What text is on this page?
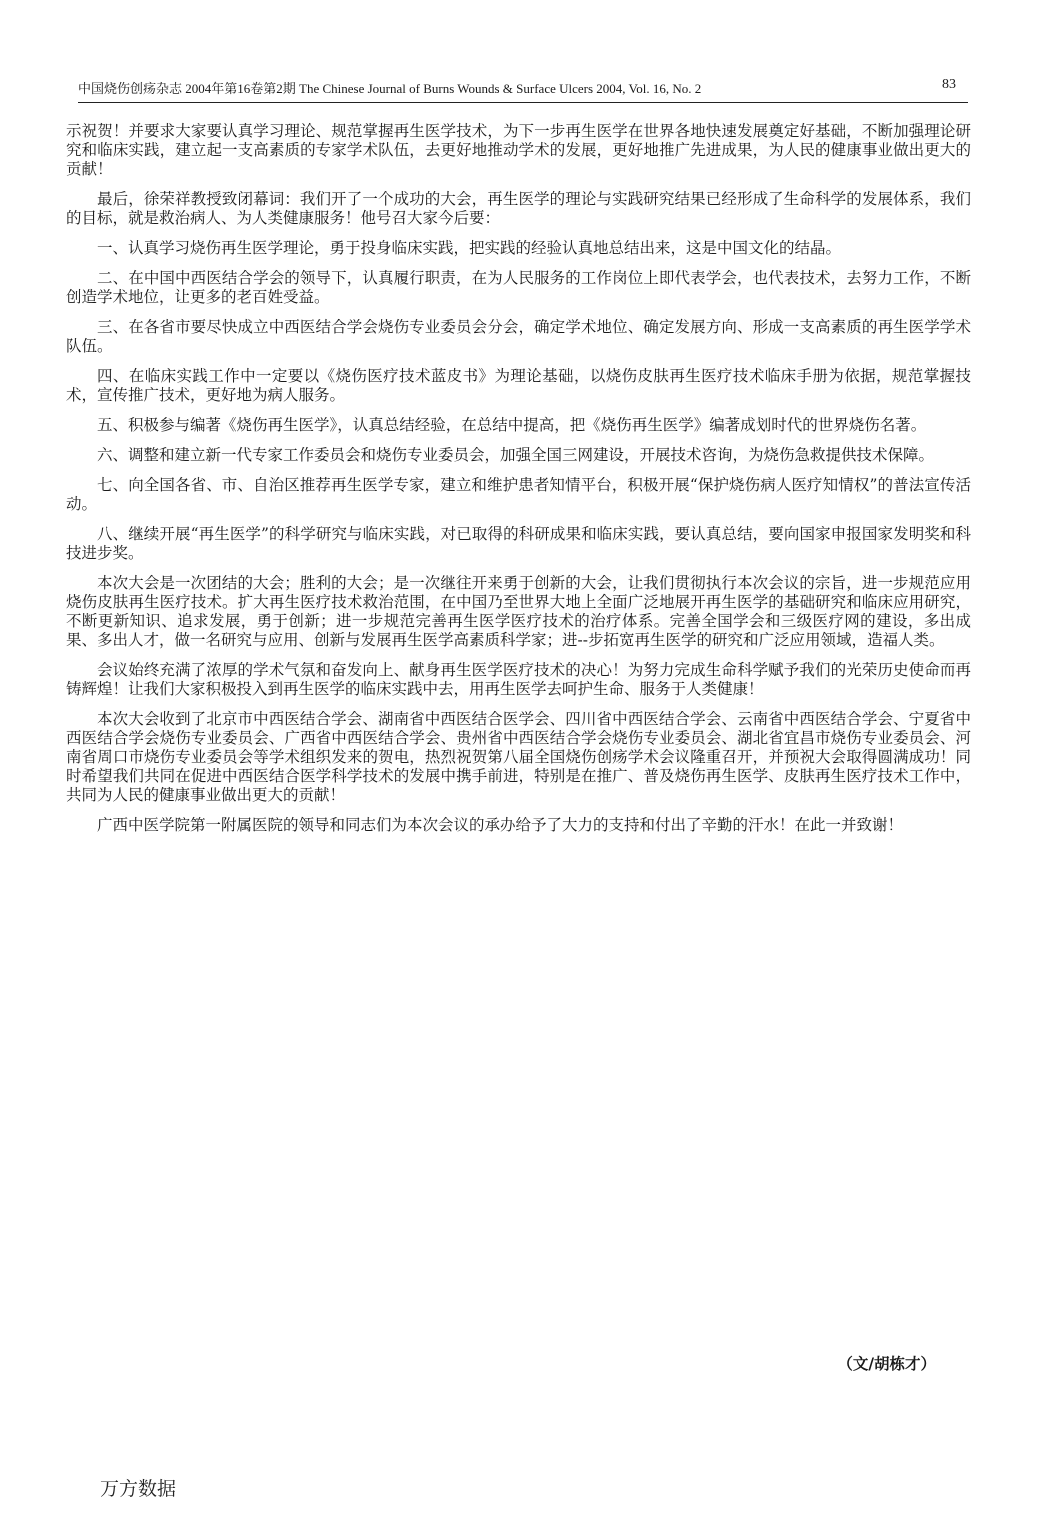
中国烧伤创疡杂志 2004年第16卷第2期 The Chinese Journal of Burns Wounds & Surface Ulcers 2004, Vol. 16, No. 2	83

示祝贺！并要求大家要认真学习理论、规范掌握再生医学技术，为下一步再生医学在世界各地快速发展奠定好基础，不断加强理论研究和临床实践，建立起一支高素质的专家学术队伍，去更好地推动学术的发展，更好地推广先进成果，为人民的健康事业做出更大的贡献！

最后，徐荣祥教授致闭幕词：我们开了一个成功的大会，再生医学的理论与实践研究结果已经形成了生命科学的发展体系，我们的目标，就是救治病人、为人类健康服务！他号召大家今后要：

一、认真学习烧伤再生医学理论，勇于投身临床实践，把实践的经验认真地总结出来，这是中国文化的结晶。

二、在中国中西医结合学会的领导下，认真履行职责，在为人民服务的工作岗位上即代表学会，也代表技术，去努力工作，不断创造学术地位，让更多的老百姓受益。

三、在各省市要尽快成立中西医结合学会烧伤专业委员会分会，确定学术地位、确定发展方向、形成一支高素质的再生医学学术队伍。

四、在临床实践工作中一定要以《烧伤医疗技术蓝皮书》为理论基础，以烧伤皮肤再生医疗技术临床手册为依据，规范掌握技术，宣传推广技术，更好地为病人服务。

五、积极参与编著《烧伤再生医学》，认真总结经验，在总结中提高，把《烧伤再生医学》编著成划时代的世界烧伤名著。

六、调整和建立新一代专家工作委员会和烧伤专业委员会，加强全国三网建设，开展技术咨询，为烧伤急救提供技术保障。

七、向全国各省、市、自治区推荐再生医学专家，建立和维护患者知情平台，积极开展“保护烧伤病人医疗知情权”的普法宣传活动。

八、继续开展“再生医学”的科学研究与临床实践，对已取得的科研成果和临床实践，要认真总结，要向国家申报国家发明奖和科技进步奖。

本次大会是一次团结的大会；胜利的大会；是一次继往开来勇于创新的大会，让我们贯彻执行本次会议的宗旨，进一步规范应用烧伤皮肤再生医疗技术。扩大再生医疗技术救治范围，在中国乃至世界大地上全面广泛地展开再生医学的基础研究和临床应用研究，不断更新知识、追求发展，勇于创新；进一步规范完善再生医学医疗技术的治疗体系。完善全国学会和三级医疗网的建设，多出成果、多出人才，做一名研究与应用、创新与发展再生医学高素质科学家；进--步拓宽再生医学的研究和广泛应用领域，造福人类。

会议始终充满了浓厚的学术气氛和奋发向上、献身再生医学医疗技术的决心！为努力完成生命科学赋予我们的光荣历史使命而再铸辉煌！让我们大家积极投入到再生医学的临床实践中去，用再生医学去呵护生命、服务于人类健康！

本次大会收到了北京市中西医结合学会、湖南省中西医结合医学会、四川省中西医结合学会、云南省中西医结合学会、宁夏省中西医结合学会烧伤专业委员会、广西省中西医结合学会、贵州省中西医结合学会烧伤专业委员会、湖北省宜昌市烧伤专业委员会、河南省周口市烧伤专业委员会等学术组织发来的贺电，热烈祝贺第八届全国烧伤创疡学术会议隆重召开，并预祝大会取得圆满成功！同时希望我们共同在促进中西医结合医学科学技术的发展中携手前进，特别是在推广、普及烧伤再生医学、皮肤再生医疗技术工作中，共同为人民的健康事业做出更大的贡献！

广西中医学院第一附属医院的领导和同志们为本次会议的承办给予了大力的支持和付出了辛勤的汗水！在此一并致谢！

（文/胡栋才）
万方数据
